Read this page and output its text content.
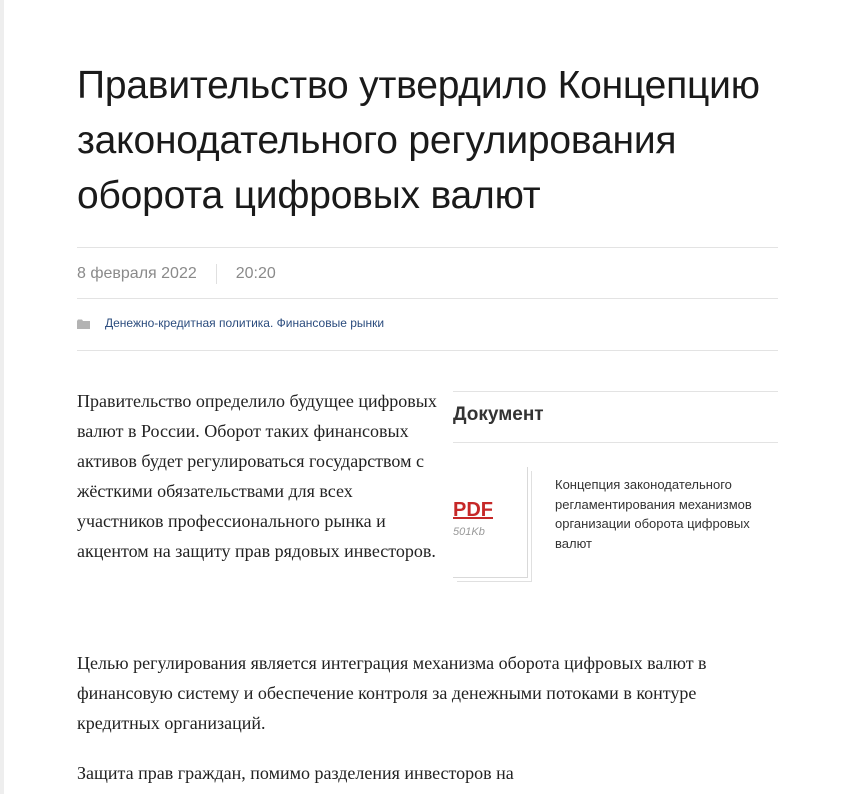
Правительство утвердило Концепцию законодательного регулирования оборота цифровых валют
8 февраля 2022	20:20
Денежно-кредитная политика. Финансовые рынки

Правительство определило будущее цифровых валют в России. Оборот таких финансовых активов будет регулироваться государством с жёсткими обязательствами для всех участников профессионального рынка и акцентом на защиту прав рядовых инвесторов.

Документ
PDF
501Kb

Концепция законодательного регламентирования механизмов организации оборота цифровых валют

Целью регулирования является интеграция механизма оборота цифровых валют в финансовую систему и обеспечение контроля за денежными потоками в контуре кредитных организаций.

Защита прав граждан, помимо разделения инвесторов на
